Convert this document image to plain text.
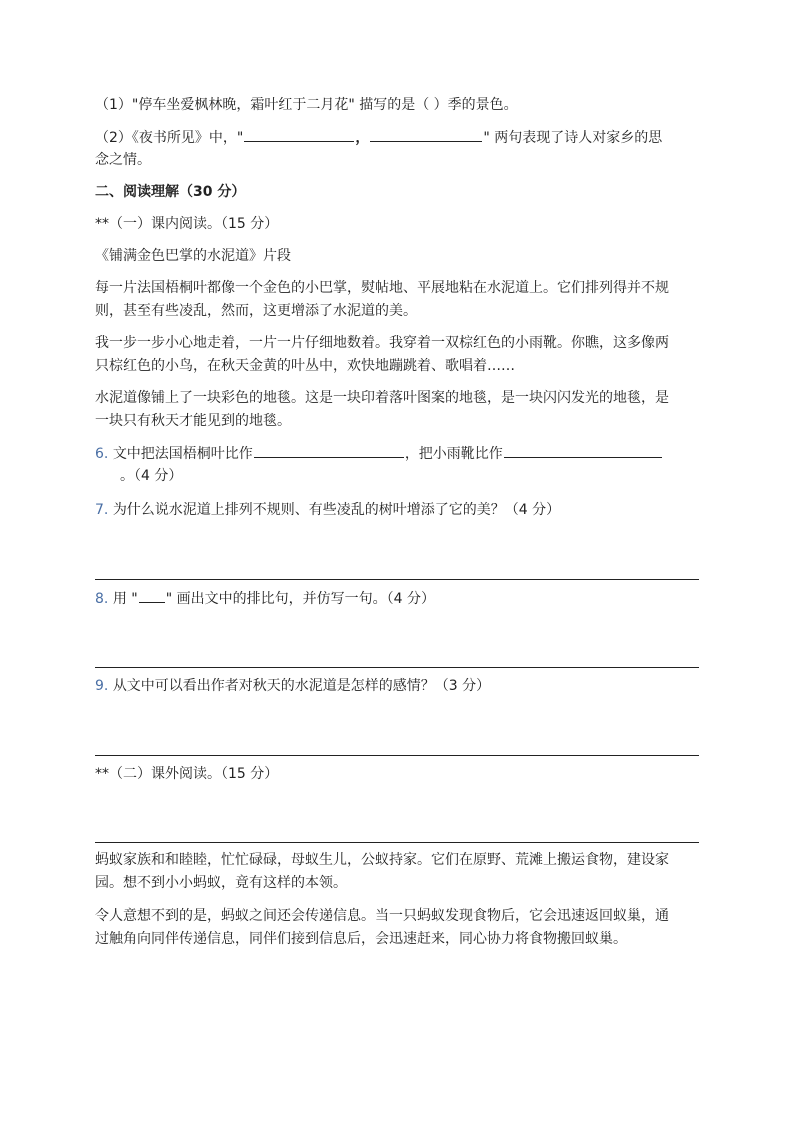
（1）"停车坐爱枫林晚，霜叶红于二月花" 描写的是（ ）季的景色。
（2）《夜书所见》中，"	，	" 两句表现了诗人对家乡的思
念之情。
二、阅读理解（30 分）
**（一）课内阅读。（15 分）
《铺满金色巴掌的水泥道》片段
每一片法国梧桐叶都像一个金色的小巴掌，熨帖地、平展地粘在水泥道上。它们排列得并不规
则，甚至有些凌乱，然而，这更增添了水泥道的美。
我一步一步小心地走着，一片一片仔细地数着。我穿着一双棕红色的小雨靴。你瞧，这多像两
只棕红色的小鸟，在秋天金黄的叶丛中，欢快地蹦跳着、歌唱着……
水泥道像铺上了一块彩色的地毯。这是一块印着落叶图案的地毯，是一块闪闪发光的地毯，是
一块只有秋天才能见到的地毯。
6. 文中把法国梧桐叶比作	，把小雨靴比作
。（4 分）
7. 为什么说水泥道上排列不规则、有些凌乱的树叶增添了它的美？（4 分）
8. 用 " " 画出文中的排比句，并仿写一句。（4 分）
9. 从文中可以看出作者对秋天的水泥道是怎样的感情？（3 分）
**（二）课外阅读。（15 分）
蚂蚁家族和和睦睦，忙忙碌碌，母蚁生儿，公蚁持家。它们在原野、荒滩上搬运食物，建设家
园。想不到小小蚂蚁，竟有这样的本领。
令人意想不到的是，蚂蚁之间还会传递信息。当一只蚂蚁发现食物后，它会迅速返回蚁巢，通
过触角向同伴传递信息，同伴们接到信息后，会迅速赶来，同心协力将食物搬回蚁巢。
